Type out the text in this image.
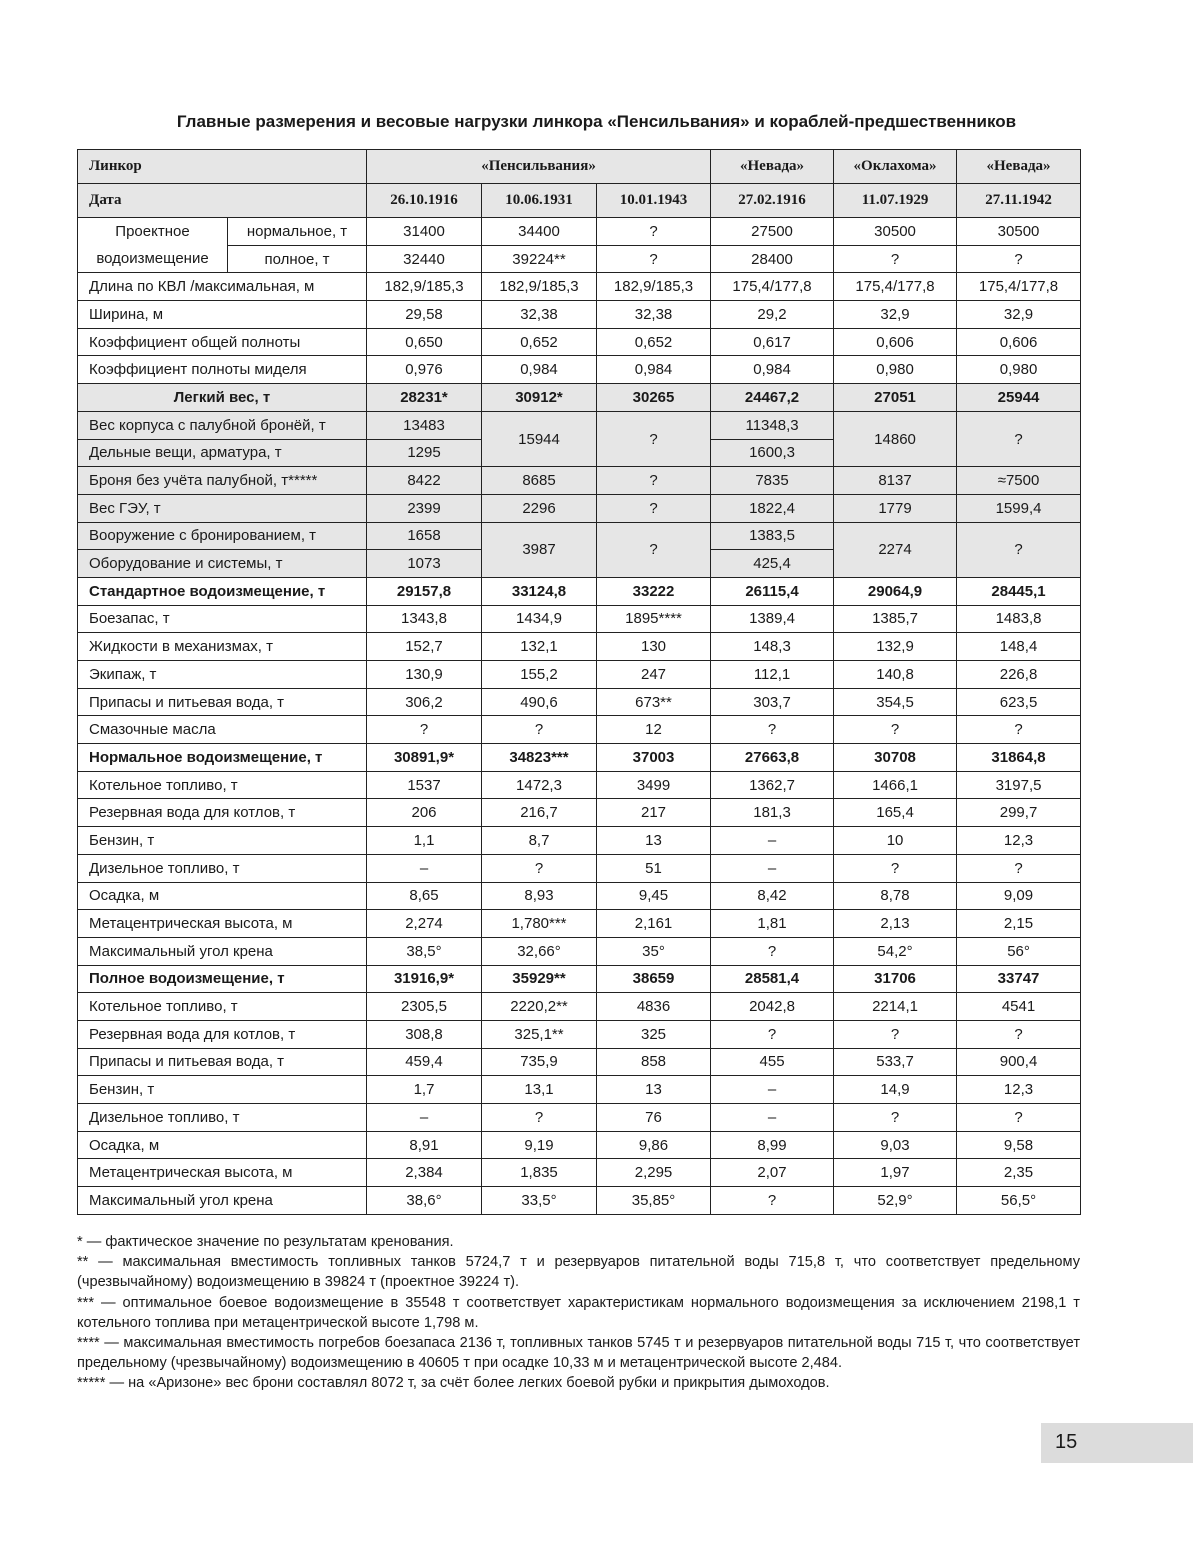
Главные размерения и весовые нагрузки линкора «Пенсильвания» и кораблей-предшественников
Линкор		«Пенсильвания»			«Невада»	«Оклахома»	«Невада»
Дата		26.10.1916	10.06.1931	10.01.1943	27.02.1916	11.07.1929	27.11.1942
Проектное	нормальное, т	31400	34400	?	27500	30500	30500
водоизмещение	полное, т	32440	39224**	?	28400	?	?
Длина по КВЛ /максимальная, м		182,9/185,3	182,9/185,3	182,9/185,3	175,4/177,8	175,4/177,8	175,4/177,8
Ширина, м		29,58	32,38	32,38	29,2	32,9	32,9
Коэффициент общей полноты		0,650	0,652	0,652	0,617	0,606	0,606
Коэффициент полноты миделя		0,976	0,984	0,984	0,984	0,980	0,980
Легкий вес, т		28231*	30912*	30265	24467,2	27051	25944
Вес корпуса с палубной бронёй, т		13483	15944	?	11348,3	14860	?
Дельные вещи, арматура, т		1295			1600,3		
Броня без учёта палубной, т*****		8422	8685	?	7835	8137	≈7500
Вес ГЭУ, т		2399	2296	?	1822,4	1779	1599,4
Вооружение с бронированием, т		1658	3987	?	1383,5	2274	?
Оборудование и системы, т		1073			425,4		
Стандартное водоизмещение, т		29157,8	33124,8	33222	26115,4	29064,9	28445,1
Боезапас, т		1343,8	1434,9	1895****	1389,4	1385,7	1483,8
Жидкости в механизмах, т		152,7	132,1	130	148,3	132,9	148,4
Экипаж, т		130,9	155,2	247	112,1	140,8	226,8
Припасы и питьевая вода, т		306,2	490,6	673**	303,7	354,5	623,5
Смазочные масла		?	?	12	?	?	?
Нормальное водоизмещение, т		30891,9*	34823***	37003	27663,8	30708	31864,8
Котельное топливо, т		1537	1472,3	3499	1362,7	1466,1	3197,5
Резервная вода для котлов, т		206	216,7	217	181,3	165,4	299,7
Бензин, т		1,1	8,7	13	–	10	12,3
Дизельное топливо, т		–	?	51	–	?	?
Осадка, м		8,65	8,93	9,45	8,42	8,78	9,09
Метацентрическая высота, м		2,274	1,780***	2,161	1,81	2,13	2,15
Максимальный угол крена		38,5°	32,66°	35°	?	54,2°	56°
Полное водоизмещение, т		31916,9*	35929**	38659	28581,4	31706	33747
Котельное топливо, т		2305,5	2220,2**	4836	2042,8	2214,1	4541
Резервная вода для котлов, т		308,8	325,1**	325	?	?	?
Припасы и питьевая вода, т		459,4	735,9	858	455	533,7	900,4
Бензин, т		1,7	13,1	13	–	14,9	12,3
Дизельное топливо, т		–	?	76	–	?	?
Осадка, м		8,91	9,19	9,86	8,99	9,03	9,58
Метацентрическая высота, м		2,384	1,835	2,295	2,07	1,97	2,35
Максимальный угол крена		38,6°	33,5°	35,85°	?	52,9°	56,5°

* — фактическое значение по результатам кренования.

** — максимальная вместимость топливных танков 5724,7 т и резервуаров питательной воды 715,8 т, что соответствует предельному (чрезвычайному) водоизмещению в 39824 т (проектное 39224 т).

*** — оптимальное боевое водоизмещение в 35548 т соответствует характеристикам нормального водоизмещения за исключением 2198,1 т котельного топлива при метацентрической высоте 1,798 м.

**** — максимальная вместимость погребов боезапаса 2136 т, топливных танков 5745 т и резервуаров питательной воды 715 т, что соответствует предельному (чрезвычайному) водоизмещению в 40605 т при осадке 10,33 м и метацентрической высоте 2,484.

***** — на «Аризоне» вес брони составлял 8072 т, за счёт более легких боевой рубки и прикрытия дымоходов.

15
